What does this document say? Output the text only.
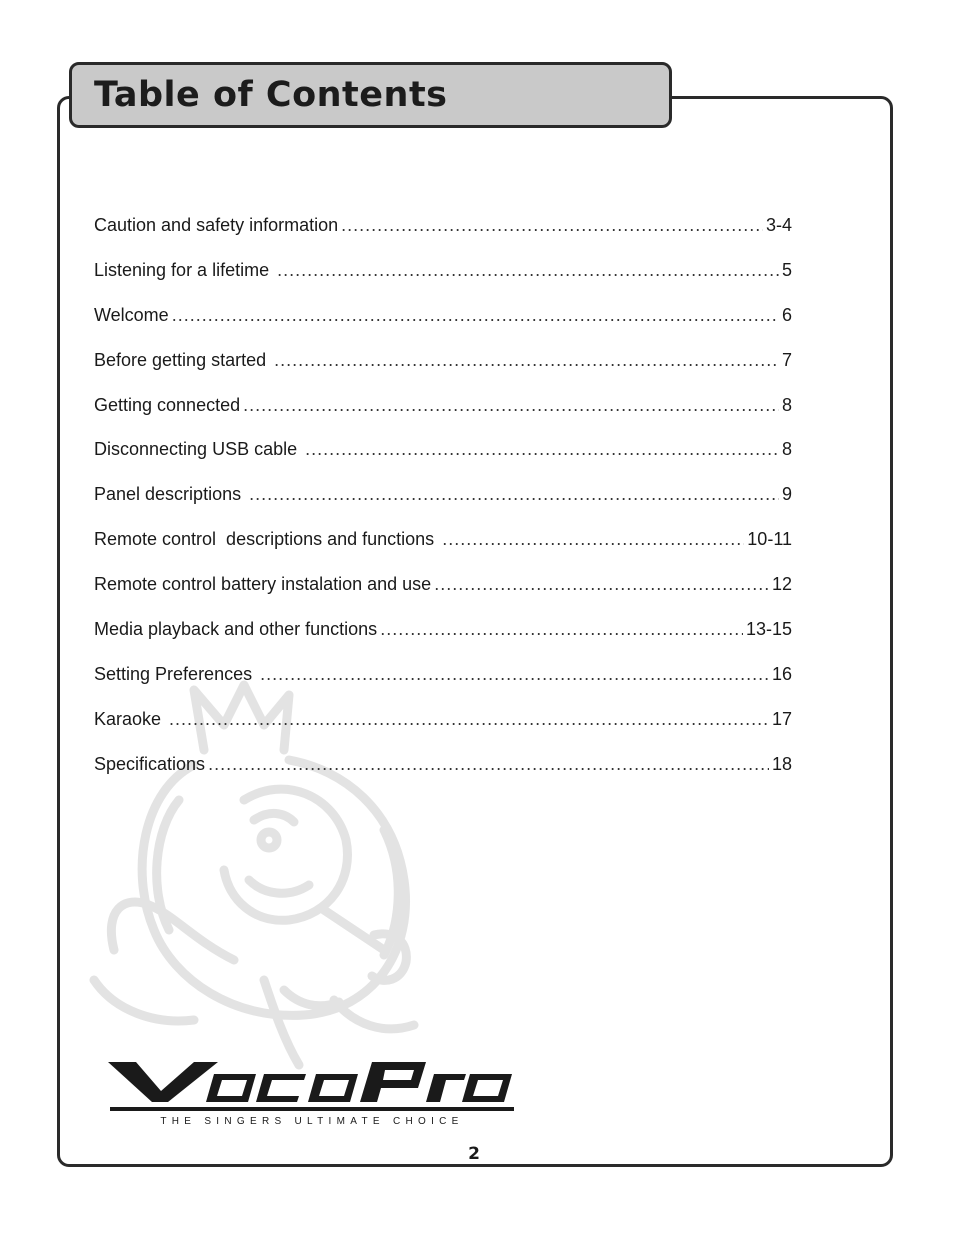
Table of Contents
Caution and safety information .....	3-4
Listening for a lifetime .....	5
Welcome .....	6
Before getting started .....	7
Getting connected .....	8
Disconnecting USB cable .....	8
Panel descriptions .....	9
Remote control  descriptions and functions .....	10-11
Remote control battery instalation and use .....	12
Media playback and other functions .....	13-15
Setting Preferences .....	16
Karaoke .....	17
Specifications .....	18
THE SINGERS ULTIMATE CHOICE
2
